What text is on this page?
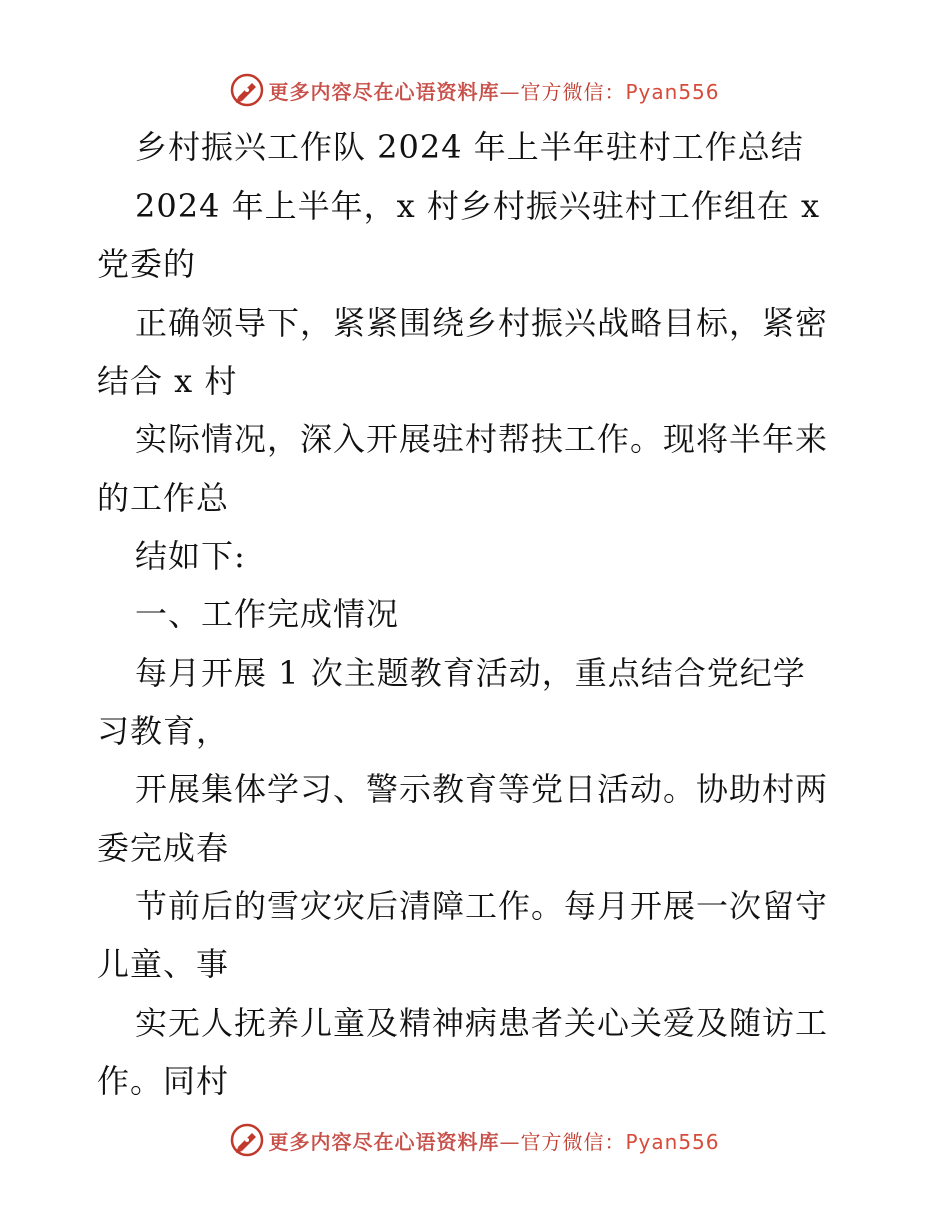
更多内容尽在心语资料库—官方微信：Pyan556
乡村振兴工作队 2024 年上半年驻村工作总结
2024 年上半年，x 村乡村振兴驻村工作组在 x
党委的
正确领导下，紧紧围绕乡村振兴战略目标，紧密
结合 x 村
实际情况，深入开展驻村帮扶工作。现将半年来
的工作总
结如下:
一、工作完成情况
每月开展 1 次主题教育活动，重点结合党纪学
习教育，
开展集体学习、警示教育等党日活动。协助村两
委完成春
节前后的雪灾灾后清障工作。每月开展一次留守
儿童、事
实无人抚养儿童及精神病患者关心关爱及随访工
作。同村
更多内容尽在心语资料库—官方微信：Pyan556
